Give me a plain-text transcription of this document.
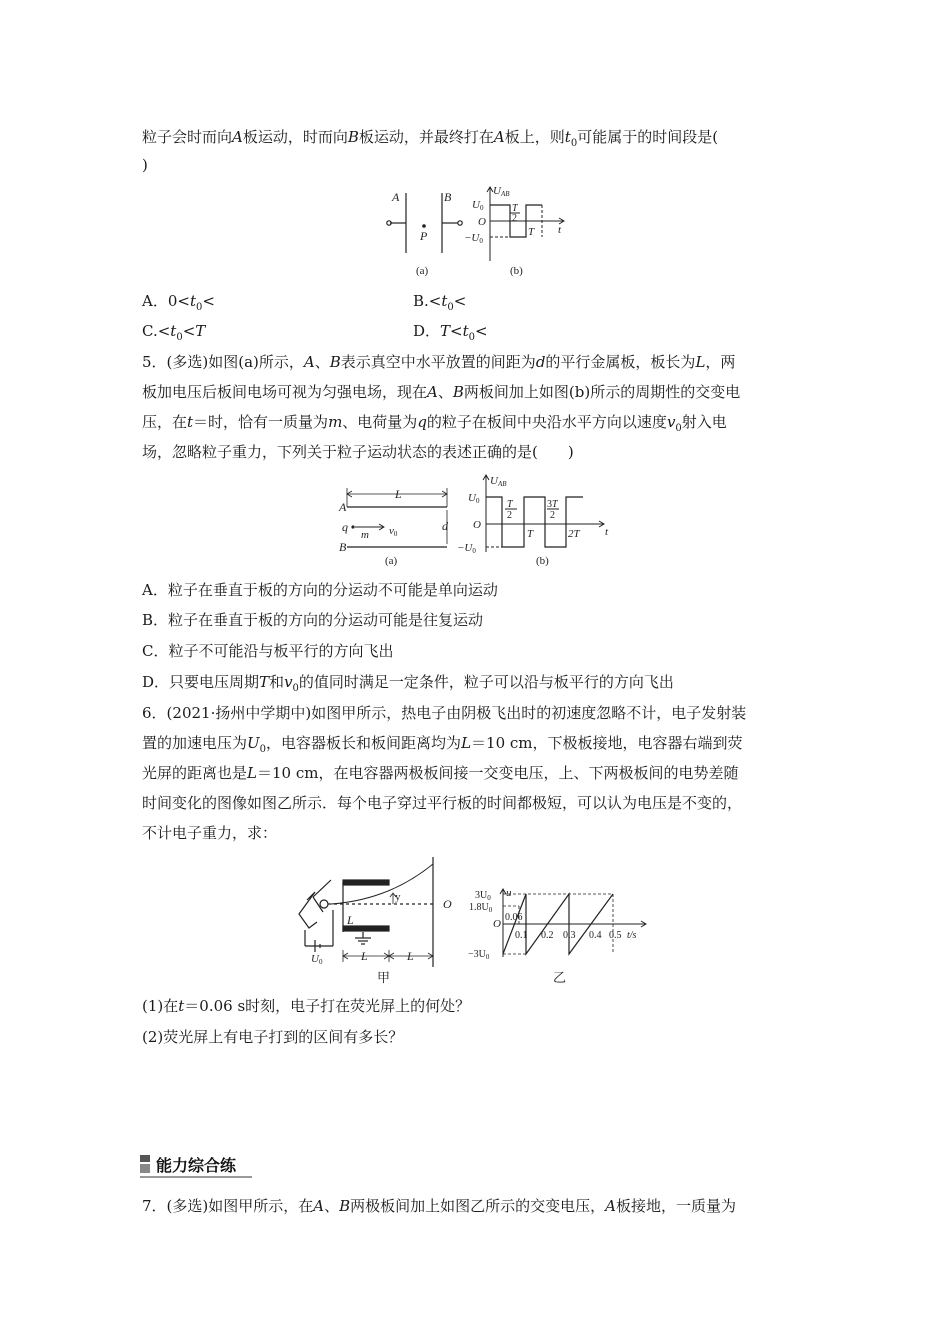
粒子会时而向A板运动，时而向B板运动，并最终打在A板上，则$t_0$可能属于的时间段是(
)
A	B
P
(a)
UAB
U0
O
−U0
T
2
T t
(b)
A．$0<t_0<$	$B.<t_0<$
$C.<t_0<T$	D．$T<t_0<$
5．(多选)如图(a)所示，A、B表示真空中水平放置的间距为d的平行金属板，板长为L，两
板加电压后板间电场可视为匀强电场，现在A、B两板间加上如图(b)所示的周期性的交变电
压，在t＝时，恰有一质量为m、电荷量为q的粒子在板间中央沿水平方向以速度$v_0$射入电
场，忽略粒子重力，下列关于粒子运动状态的表述正确的是(　　)
A
B
L
q
m v0
d
(a)
UAB
U0
O
−U0
T
2
T
3T
2
2T t
(b)
A．粒子在垂直于板的方向的分运动不可能是单向运动
B．粒子在垂直于板的方向的分运动可能是往复运动
C．粒子不可能沿与板平行的方向飞出
D．只要电压周期T和$v_0$的值同时满足一定条件，粒子可以沿与板平行的方向飞出
6．(2021·扬州中学期中)如图甲所示，热电子由阴极飞出时的初速度忽略不计，电子发射装
置的加速电压为$U_0$，电容器板长和板间距离均为L＝10 cm，下极板接地，电容器右端到荧
光屏的距离也是L＝10 cm，在电容器两极板间接一交变电压，上、下两极板间的电势差随
时间变化的图像如图乙所示．每个电子穿过平行板的时间都极短，可以认为电压是不变的，
不计电子重力，求：
y
L
O
U0	L	L
甲
u
$3U_0$
$1.8U_0$
O
$-3U_0$
0.06
0.1 0.2 0.3 0.4 0.5 t/s
乙
(1)在t＝0.06 s时刻，电子打在荧光屏上的何处？
(2)荧光屏上有电子打到的区间有多长？
能力综合练
7．(多选)如图甲所示，在A、B两极板间加上如图乙所示的交变电压，A板接地，一质量为
